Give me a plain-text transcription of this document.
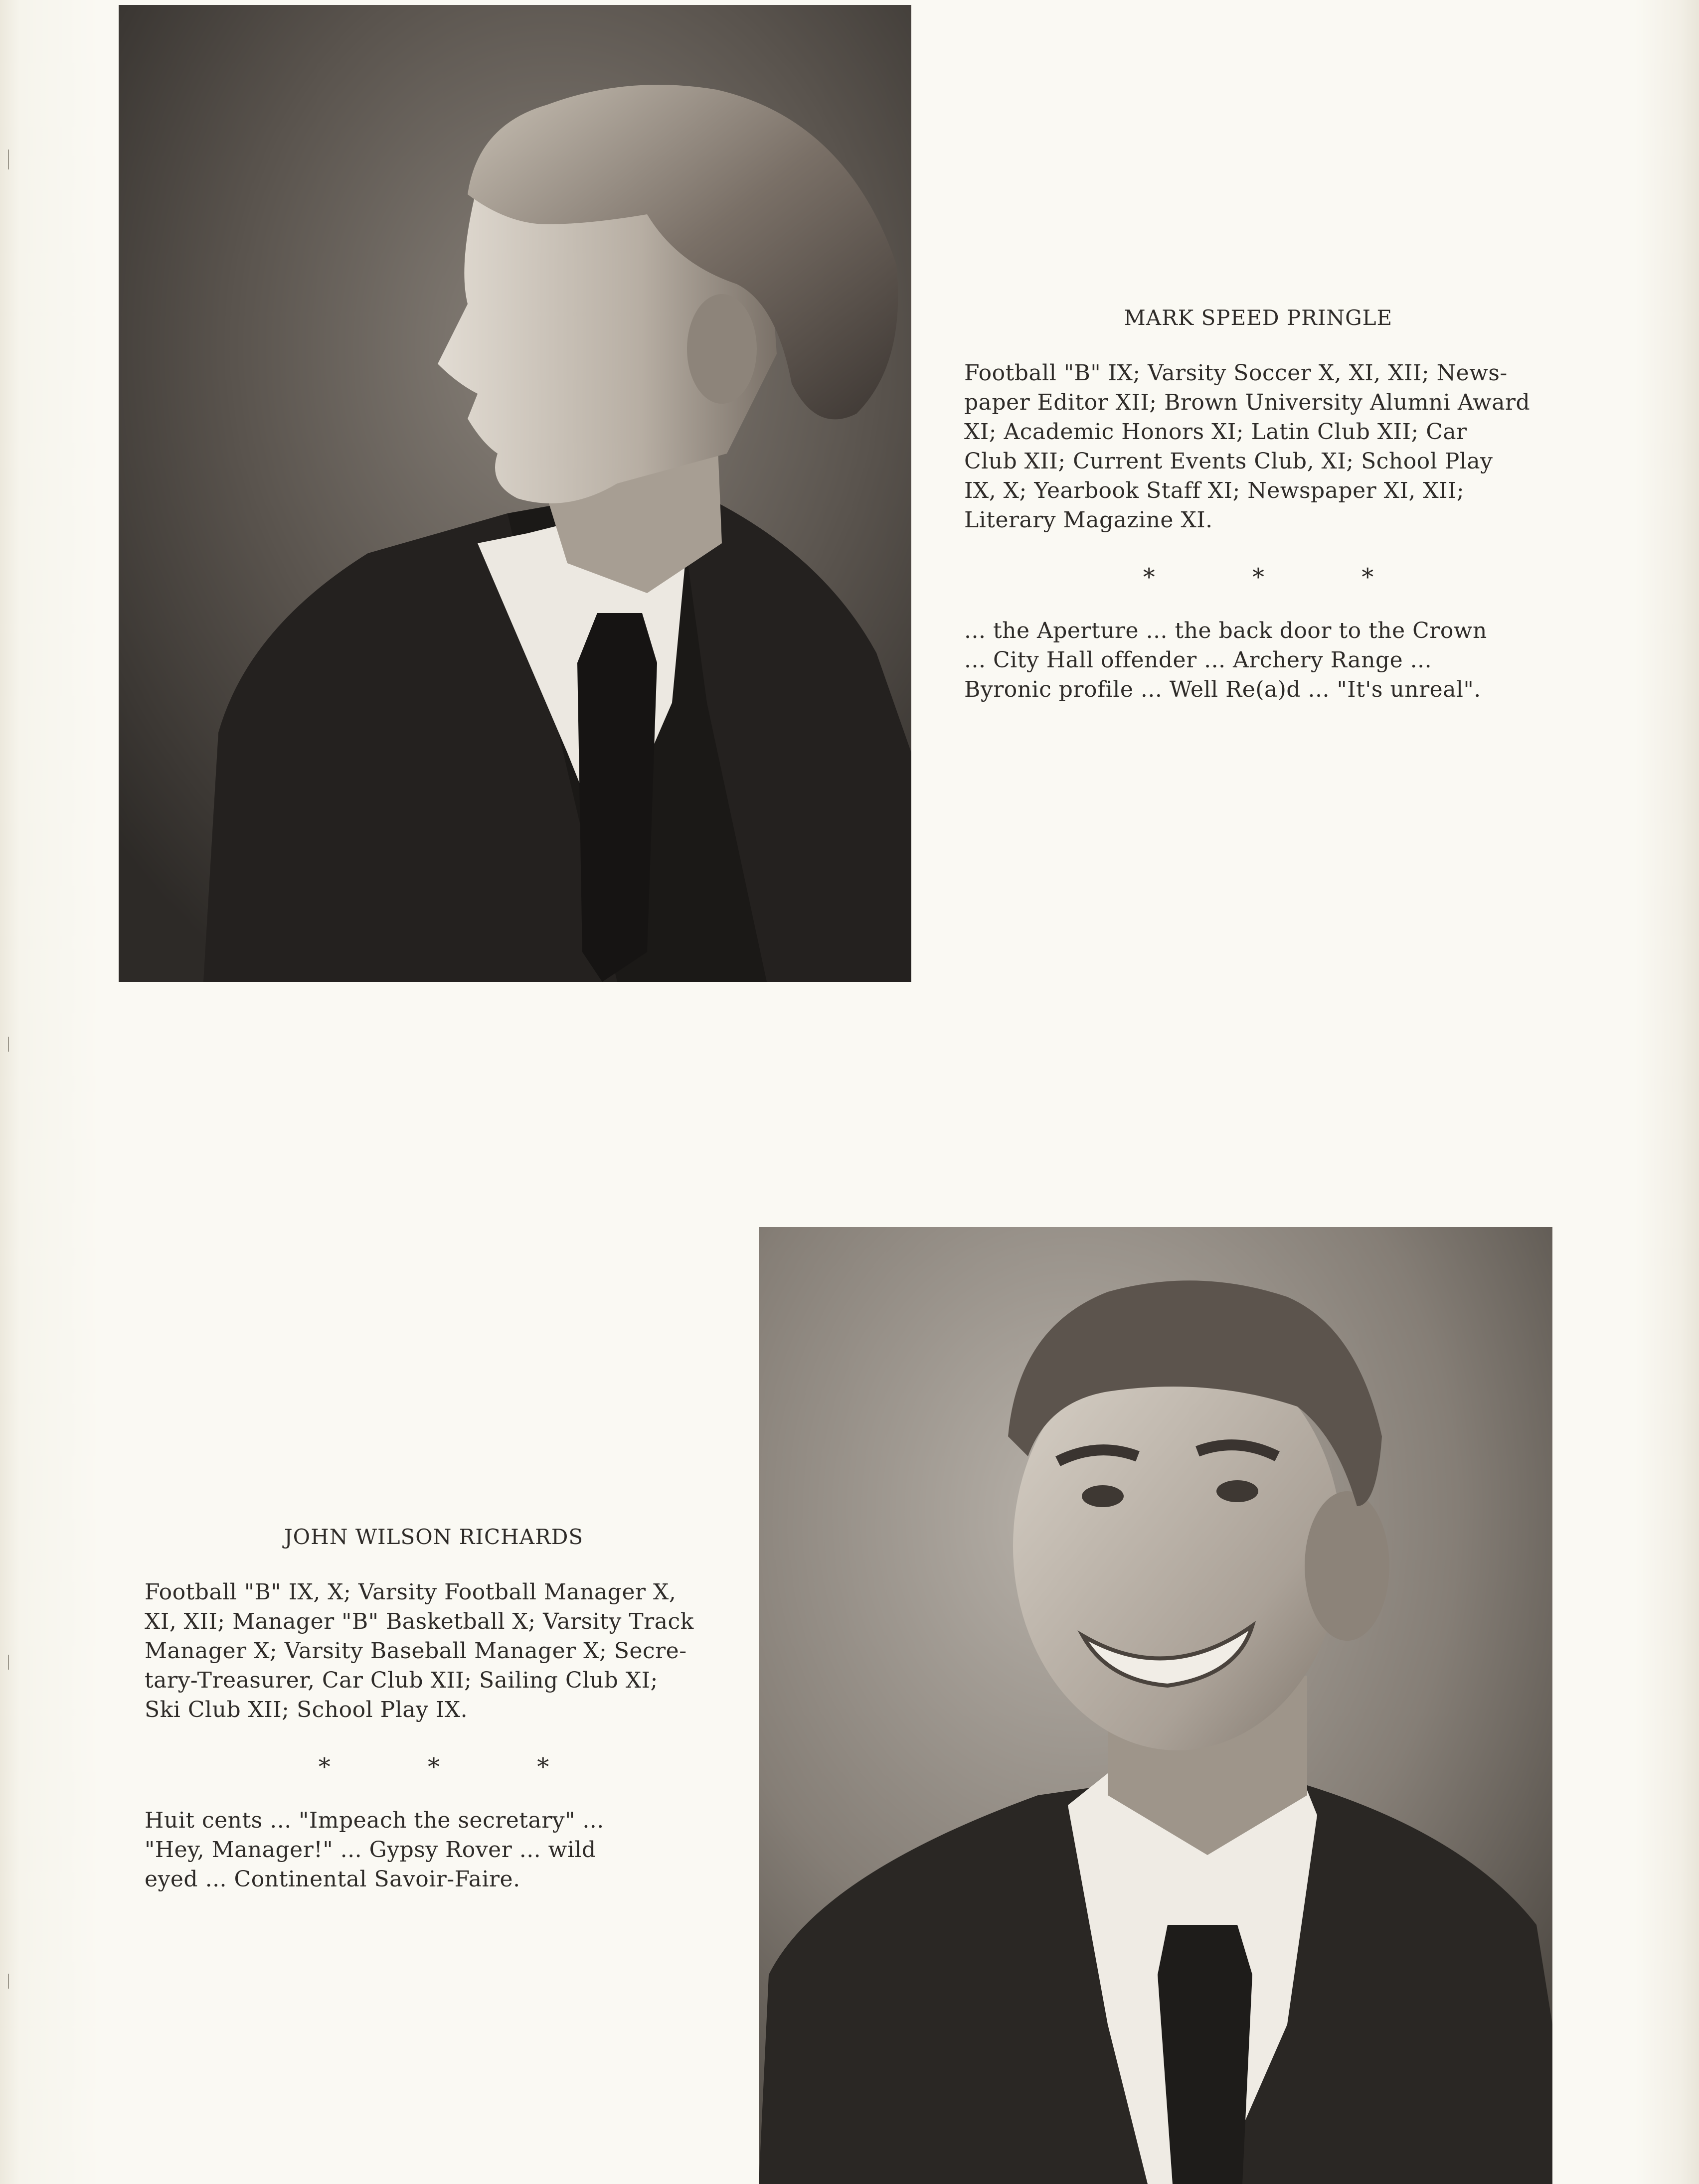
MARK SPEED PRINGLE

Football "B" IX; Varsity Soccer X, XI, XII; News-
paper Editor XII; Brown University Alumni Award
XI; Academic Honors XI; Latin Club XII; Car
Club XII; Current Events Club, XI; School Play
IX, X; Yearbook Staff XI; Newspaper XI, XII;
Literary Magazine XI.

* * *

... the Aperture ... the back door to the Crown
... City Hall offender ... Archery Range ...
Byronic profile ... Well Re(a)d ... "It's unreal".

JOHN WILSON RICHARDS

Football "B" IX, X; Varsity Football Manager X,
XI, XII; Manager "B" Basketball X; Varsity Track
Manager X; Varsity Baseball Manager X; Secre-
tary-Treasurer, Car Club XII; Sailing Club XI;
Ski Club XII; School Play IX.

* * *

Huit cents ... "Impeach the secretary" ...
"Hey, Manager!" ... Gypsy Rover ... wild
eyed ... Continental Savoir-Faire.
